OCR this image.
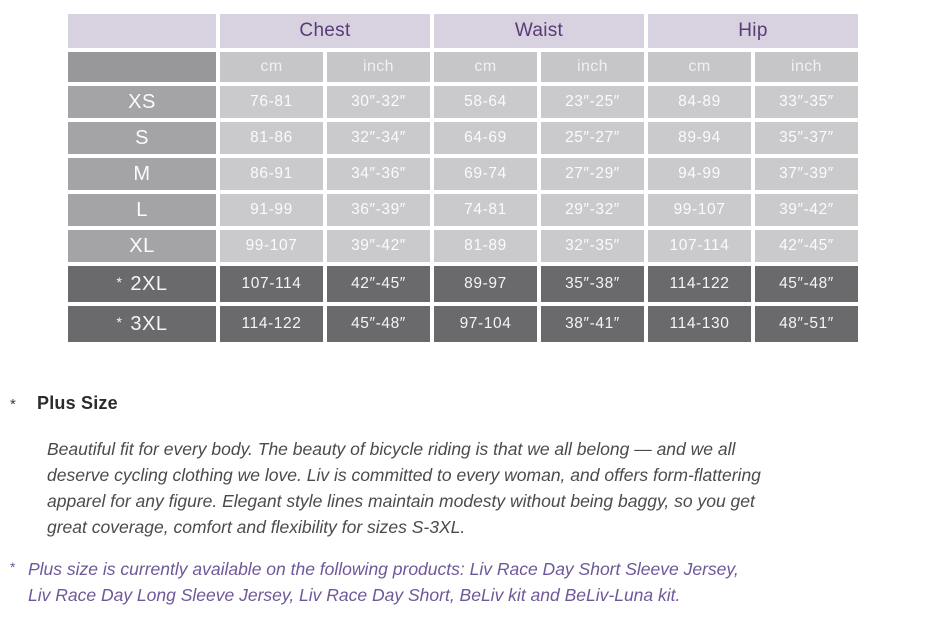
	Chest		Waist		Hip	
	cm	inch	cm	inch	cm	inch
XS	76-81	30″-32″	58-64	23″-25″	84-89	33″-35″
S	81-86	32″-34″	64-69	25″-27″	89-94	35″-37″
M	86-91	34″-36″	69-74	27″-29″	94-99	37″-39″
L	91-99	36″-39″	74-81	29″-32″	99-107	39″-42″
XL	99-107	39″-42″	81-89	32″-35″	107-114	42″-45″
* 2XL	107-114	42″-45″	89-97	35″-38″	114-122	45″-48″
* 3XL	114-122	45″-48″	97-104	38″-41″	114-130	48″-51″
*	Plus Size
Beautiful fit for every body. The beauty of bicycle riding is that we all belong — and we all
deserve cycling clothing we love. Liv is committed to every woman, and offers form-flattering
apparel for any figure. Elegant style lines maintain modesty without being baggy, so you get
great coverage, comfort and flexibility for sizes S-3XL.
* Plus size is currently available on the following products: Liv Race Day Short Sleeve Jersey,
Liv Race Day Long Sleeve Jersey, Liv Race Day Short, BeLiv kit and BeLiv-Luna kit.
